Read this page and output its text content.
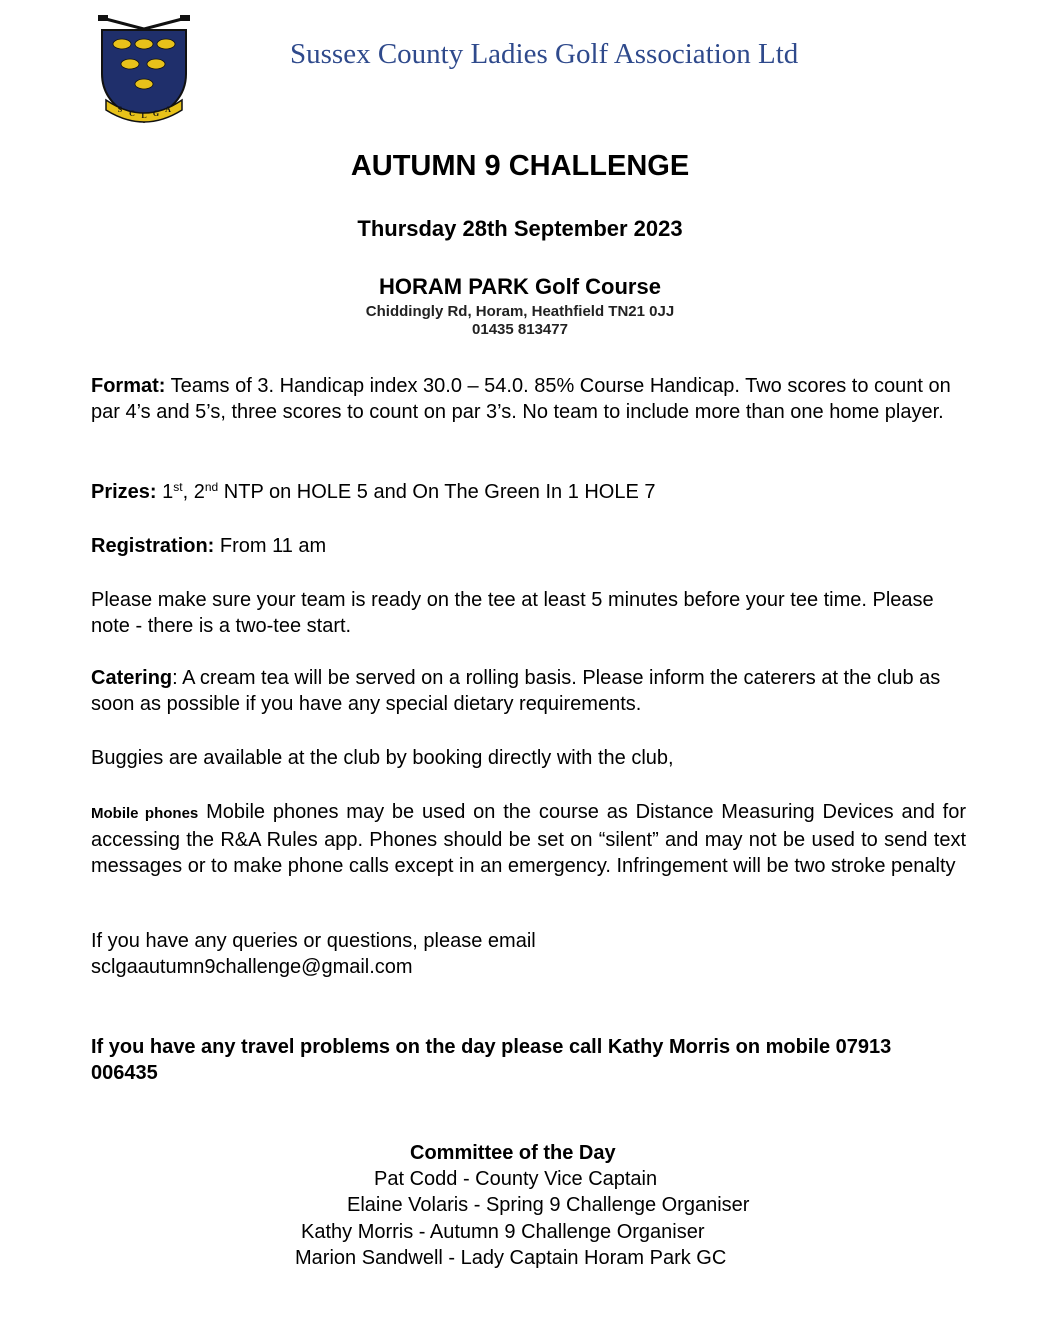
S C L G A
Sussex County Ladies Golf Association Ltd
AUTUMN 9 CHALLENGE
Thursday 28th September 2023
HORAM PARK Golf Course
Chiddingly Rd, Horam, Heathfield TN21 0JJ
01435 813477
Format: Teams of 3. Handicap index 30.0 – 54.0. 85% Course Handicap. Two scores to count on par 4’s and 5’s, three scores to count on par 3’s. No team to include more than one home player.
Prizes: 1st, 2nd NTP on HOLE 5 and On The Green In 1 HOLE 7
Registration: From 11 am
Please make sure your team is ready on the tee at least 5 minutes before your tee time. Please note - there is a two-tee start.
Catering: A cream tea will be served on a rolling basis. Please inform the caterers at the club as soon as possible if you have any special dietary requirements.
Buggies are available at the club by booking directly with the club,
Mobile phones Mobile phones may be used on the course as Distance Measuring Devices and for accessing the R&A Rules app. Phones should be set on “silent” and may not be used to send text messages or to make phone calls except in an emergency. Infringement will be two stroke penalty
If you have any queries or questions, please email
sclgaautumn9challenge@gmail.com
If you have any travel problems on the day please call Kathy Morris on mobile 07913 006435
Committee of the Day
Pat Codd - County Vice Captain
Elaine Volaris - Spring 9 Challenge Organiser
Kathy Morris - Autumn 9 Challenge Organiser
Marion Sandwell - Lady Captain Horam Park GC
